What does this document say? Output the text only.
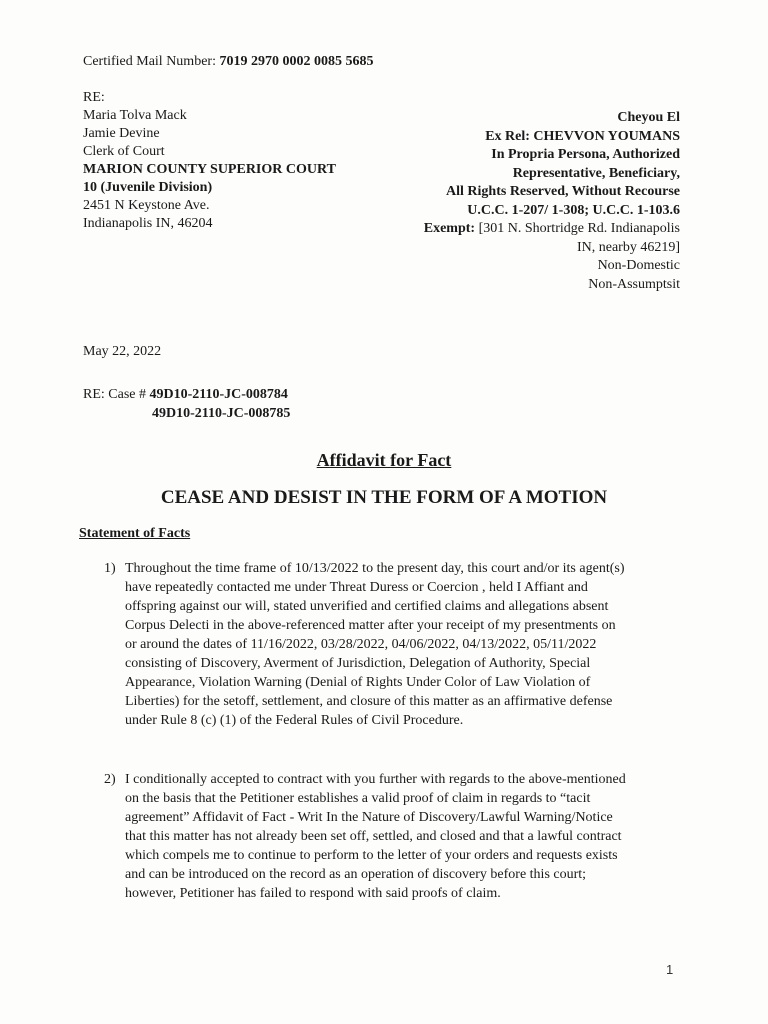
Certified Mail Number: 7019 2970 0002 0085 5685
RE:
Maria Tolva Mack
Jamie Devine
Clerk of Court
MARION COUNTY SUPERIOR COURT
10 (Juvenile Division)
2451 N Keystone Ave.
Indianapolis IN, 46204
Cheyou El
Ex Rel: CHEVVON YOUMANS
In Propria Persona, Authorized
Representative, Beneficiary,
All Rights Reserved, Without Recourse
U.C.C. 1-207/ 1-308; U.C.C. 1-103.6
Exempt: [301 N. Shortridge Rd. Indianapolis
IN, nearby 46219]
Non-Domestic
Non-Assumptsit
May 22, 2022
RE: Case # 49D10-2110-JC-008784
49D10-2110-JC-008785
Affidavit for Fact
CEASE AND DESIST IN THE FORM OF A MOTION
Statement of Facts
1) Throughout the time frame of 10/13/2022 to the present day, this court and/or its agent(s)
have repeatedly contacted me under Threat Duress or Coercion , held I Affiant and
offspring against our will, stated unverified and certified claims and allegations absent
Corpus Delecti in the above-referenced matter after your receipt of my presentments on
or around the dates of 11/16/2022, 03/28/2022, 04/06/2022, 04/13/2022, 05/11/2022
consisting of Discovery, Averment of Jurisdiction, Delegation of Authority, Special
Appearance, Violation Warning (Denial of Rights Under Color of Law Violation of
Liberties) for the setoff, settlement, and closure of this matter as an affirmative defense
under Rule 8 (c) (1) of the Federal Rules of Civil Procedure.
2) I conditionally accepted to contract with you further with regards to the above-mentioned
on the basis that the Petitioner establishes a valid proof of claim in regards to “tacit
agreement” Affidavit of Fact - Writ In the Nature of Discovery/Lawful Warning/Notice
that this matter has not already been set off, settled, and closed and that a lawful contract
which compels me to continue to perform to the letter of your orders and requests exists
and can be introduced on the record as an operation of discovery before this court;
however, Petitioner has failed to respond with said proofs of claim.
1
